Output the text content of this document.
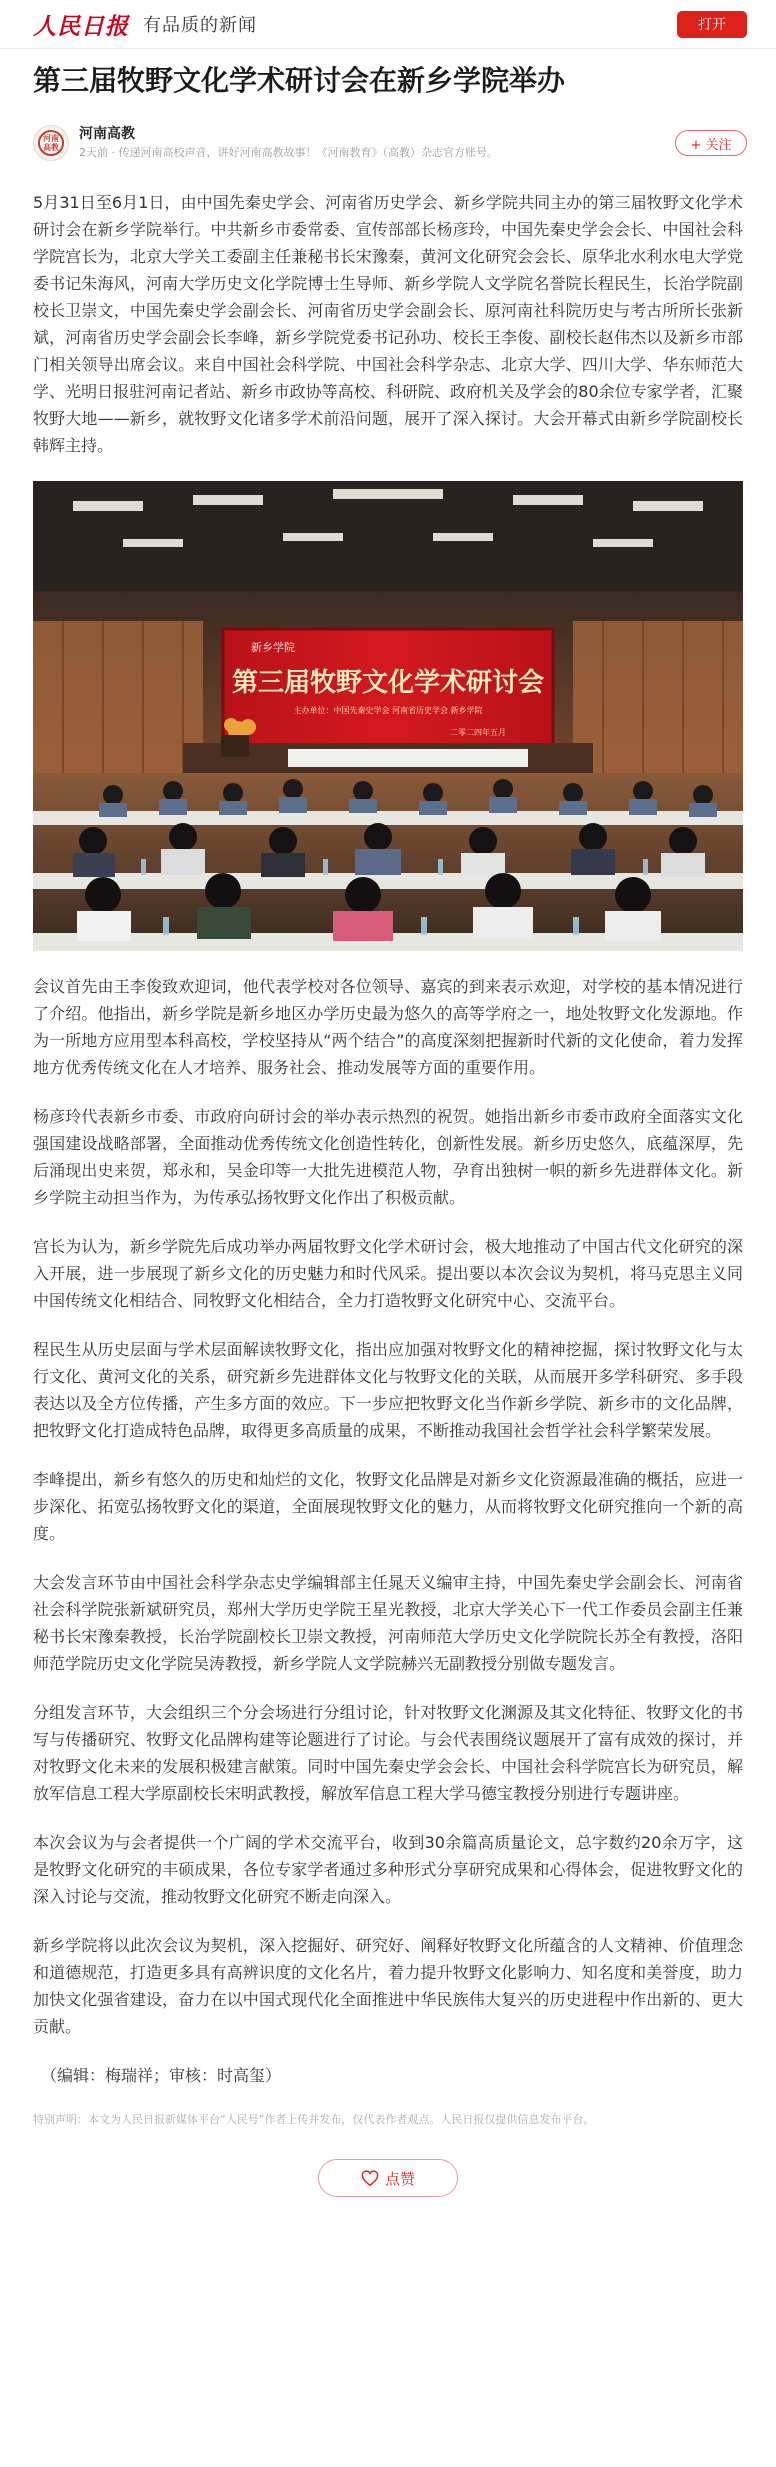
人民日报 有品质的新闻	打开
第三届牧野文化学术研讨会在新乡学院举办
河南高教
河南高教
2天前 · 传递河南高校声音，讲好河南高教故事！《河南教育》（高教）杂志官方账号。	+ 关注

5月31日至6月1日，由中国先秦史学会、河南省历史学会、新乡学院共同主办的第三届牧野文化学术研讨会在新乡学院举行。中共新乡市委常委、宣传部部长杨彦玲，中国先秦史学会会长、中国社会科学院宫长为，北京大学关工委副主任兼秘书长宋豫秦，黄河文化研究会会长、原华北水利水电大学党委书记朱海风，河南大学历史文化学院博士生导师、新乡学院人文学院名誉院长程民生，长治学院副校长卫崇文，中国先秦史学会副会长、河南省历史学会副会长、原河南社科院历史与考古所所长张新斌，河南省历史学会副会长李峰，新乡学院党委书记孙功、校长王李俊、副校长赵伟杰以及新乡市部门相关领导出席会议。来自中国社会科学院、中国社会科学杂志、北京大学、四川大学、华东师范大学、光明日报驻河南记者站、新乡市政协等高校、科研院、政府机关及学会的80余位专家学者，汇聚牧野大地——新乡，就牧野文化诸多学术前沿问题，展开了深入探讨。大会开幕式由新乡学院副校长韩辉主持。

新乡学院
第三届牧野文化学术研讨会
主办单位：中国先秦史学会 河南省历史学会 新乡学院
二零二四年五月

会议首先由王李俊致欢迎词，他代表学校对各位领导、嘉宾的到来表示欢迎，对学校的基本情况进行了介绍。他指出，新乡学院是新乡地区办学历史最为悠久的高等学府之一，地处牧野文化发源地。作为一所地方应用型本科高校，学校坚持从“两个结合”的高度深刻把握新时代新的文化使命，着力发挥地方优秀传统文化在人才培养、服务社会、推动发展等方面的重要作用。

杨彦玲代表新乡市委、市政府向研讨会的举办表示热烈的祝贺。她指出新乡市委市政府全面落实文化强国建设战略部署，全面推动优秀传统文化创造性转化，创新性发展。新乡历史悠久，底蕴深厚，先后涌现出史来贺，郑永和，吴金印等一大批先进模范人物，孕育出独树一帜的新乡先进群体文化。新乡学院主动担当作为，为传承弘扬牧野文化作出了积极贡献。

宫长为认为，新乡学院先后成功举办两届牧野文化学术研讨会，极大地推动了中国古代文化研究的深入开展，进一步展现了新乡文化的历史魅力和时代风采。提出要以本次会议为契机，将马克思主义同中国传统文化相结合、同牧野文化相结合，全力打造牧野文化研究中心、交流平台。

程民生从历史层面与学术层面解读牧野文化，指出应加强对牧野文化的精神挖掘，探讨牧野文化与太行文化、黄河文化的关系，研究新乡先进群体文化与牧野文化的关联，从而展开多学科研究、多手段表达以及全方位传播，产生多方面的效应。下一步应把牧野文化当作新乡学院、新乡市的文化品牌，把牧野文化打造成特色品牌，取得更多高质量的成果，不断推动我国社会哲学社会科学繁荣发展。

李峰提出，新乡有悠久的历史和灿烂的文化，牧野文化品牌是对新乡文化资源最准确的概括，应进一步深化、拓宽弘扬牧野文化的渠道，全面展现牧野文化的魅力，从而将牧野文化研究推向一个新的高度。

大会发言环节由中国社会科学杂志史学编辑部主任晁天义编审主持，中国先秦史学会副会长、河南省社会科学院张新斌研究员，郑州大学历史学院王星光教授，北京大学关心下一代工作委员会副主任兼秘书长宋豫秦教授，长治学院副校长卫崇文教授，河南师范大学历史文化学院院长苏全有教授，洛阳师范学院历史文化学院吴涛教授，新乡学院人文学院赫兴无副教授分别做专题发言。

分组发言环节，大会组织三个分会场进行分组讨论，针对牧野文化渊源及其文化特征、牧野文化的书写与传播研究、牧野文化品牌构建等论题进行了讨论。与会代表围绕议题展开了富有成效的探讨，并对牧野文化未来的发展积极建言献策。同时中国先秦史学会会长、中国社会科学院宫长为研究员，解放军信息工程大学原副校长宋明武教授，解放军信息工程大学马德宝教授分别进行专题讲座。

本次会议为与会者提供一个广阔的学术交流平台，收到30余篇高质量论文，总字数约20余万字，这是牧野文化研究的丰硕成果，各位专家学者通过多种形式分享研究成果和心得体会，促进牧野文化的深入讨论与交流，推动牧野文化研究不断走向深入。

新乡学院将以此次会议为契机，深入挖掘好、研究好、阐释好牧野文化所蕴含的人文精神、价值理念和道德规范，打造更多具有高辨识度的文化名片，着力提升牧野文化影响力、知名度和美誉度，助力加快文化强省建设，奋力在以中国式现代化全面推进中华民族伟大复兴的历史进程中作出新的、更大贡献。

（编辑：梅瑞祥；审核：时高玺）

特别声明：本文为人民日报新媒体平台“人民号”作者上传并发布，仅代表作者观点。人民日报仅提供信息发布平台。

点赞
